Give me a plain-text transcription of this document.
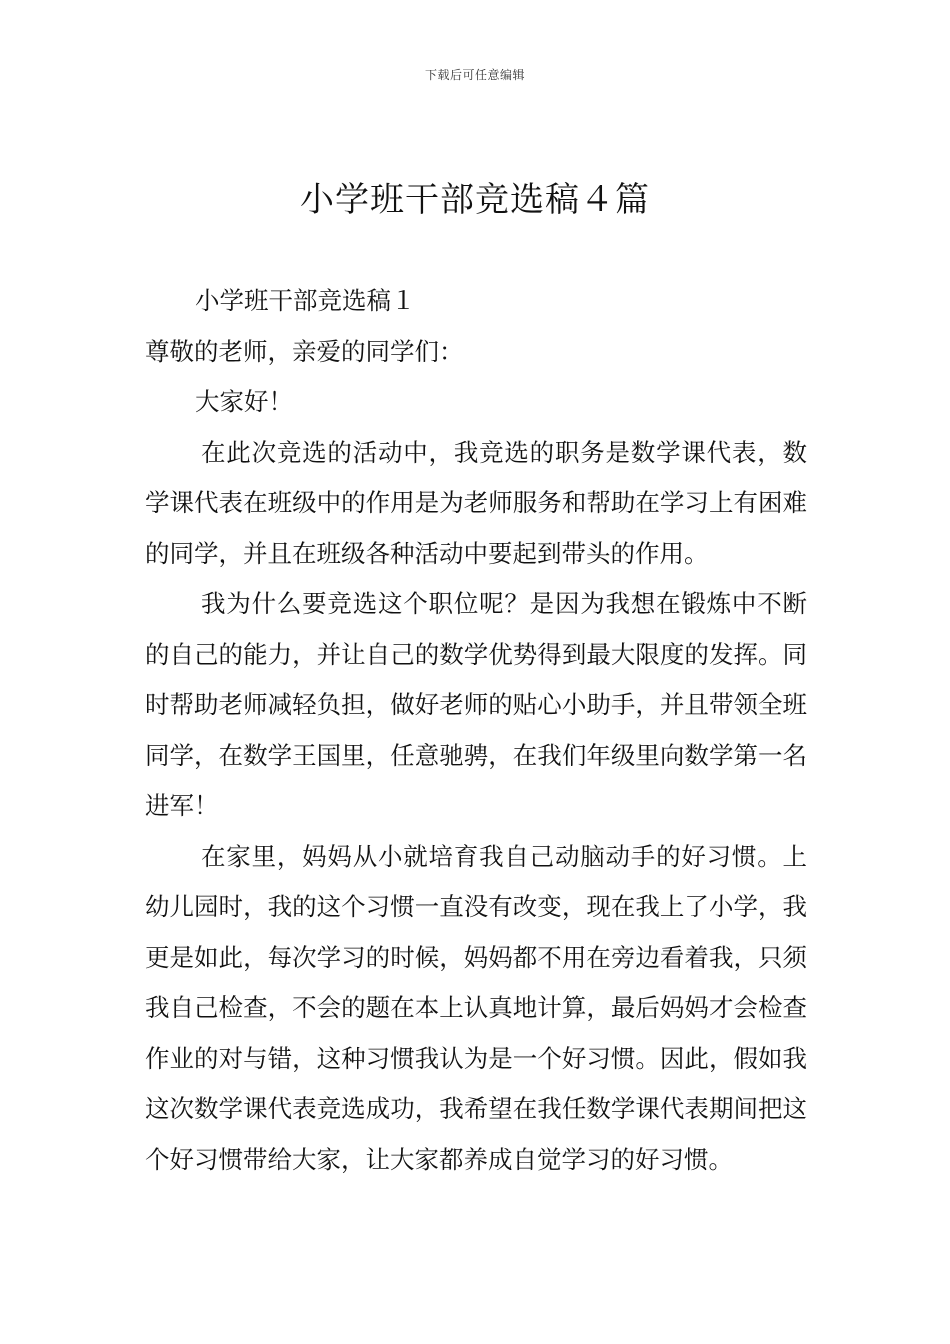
下载后可任意编辑
小学班干部竞选稿４篇

小学班干部竞选稿１

尊敬的老师，亲爱的同学们：

大家好！

在此次竞选的活动中，我竞选的职务是数学课代表，数学课代表在班级中的作用是为老师服务和帮助在学习上有困难的同学，并且在班级各种活动中要起到带头的作用。

我为什么要竞选这个职位呢？是因为我想在锻炼中不断的自己的能力，并让自己的数学优势得到最大限度的发挥。同时帮助老师减轻负担，做好老师的贴心小助手，并且带领全班同学，在数学王国里，任意驰骋，在我们年级里向数学第一名进军！

在家里，妈妈从小就培育我自己动脑动手的好习惯。上幼儿园时，我的这个习惯一直没有改变，现在我上了小学，我更是如此，每次学习的时候，妈妈都不用在旁边看着我，只须我自己检查，不会的题在本上认真地计算，最后妈妈才会检查作业的对与错，这种习惯我认为是一个好习惯。因此，假如我这次数学课代表竞选成功，我希望在我任数学课代表期间把这个好习惯带给大家，让大家都养成自觉学习的好习惯。
